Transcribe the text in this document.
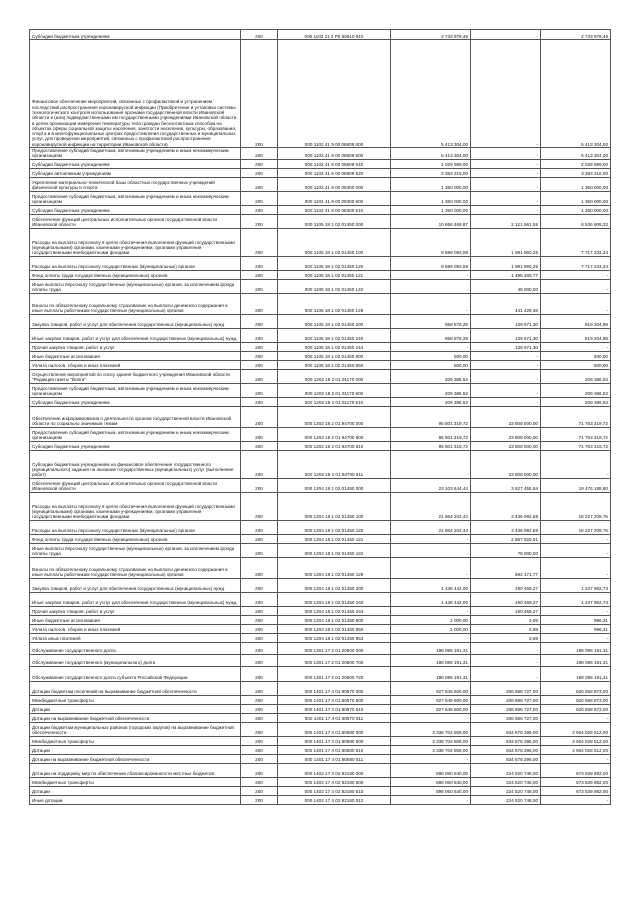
Субсидии бюджетным учреждениям	200	000 1103 21 2 P5 50810 610	2 733 978,49	-	2 733 978,49
Финансовое обеспечение мероприятий, связанных с профилактикой и устранением последствий распространения коронавирусной инфекции (Приобретение и установка системы технологического контроля использования органами государственной власти Ивановской области и (или) подведомственными им государственными учреждениями Ивановской области в целях организации измерения температуры тела граждан бесконтактным способом на объектах сферы социальной защиты населения, занятости населения, культуры, образования, спорта и в многофункциональных центрах предоставления государственных и муниципальных услуг, для проведения мероприятий, связанных с профилактикой распространения коронавирусной инфекции на территории Ивановской области)	200	000 1102 41 9 00 08609 000	5 413 304,00	-	5 413 304,00
Предоставление субсидий бюджетным, автономным учреждениям и иным некоммерческим организациям	200	000 1102 41 9 00 08609 600	5 413 304,00	-	5 413 304,00
Субсидии бюджетным учреждениям	200	000 1102 41 9 00 08609 610	2 029 989,00	-	2 029 989,00
Субсидии автономным учреждениям	200	000 1102 41 9 00 08609 620	3 383 315,00	-	3 383 315,00
Укрепление материально-технической базы областных государственных учреждений физической культуры и спорта	200	000 1102 41 9 00 08300 000	1 350 000,00	-	1 350 000,00
Предоставление субсидий бюджетным, автономным учреждениям и иным некоммерческим организациям	200	000 1102 41 9 00 08300 600	1 350 000,00	-	1 350 000,00
Субсидии бюджетным учреждениям	200	000 1102 41 9 00 08300 610	1 350 000,00	-	1 350 000,00
Обеспечение функций центральных исполнительных органов государственной власти Ивановской области	200	000 1105 18 1 02 01450 000	10 658 469,87	2 121 561,55	8 536 908,32
Расходы на выплаты персоналу в целях обеспечения выполнения функций государственными (муниципальными) органами, казенными учреждениями, органами управления государственными внебюджетными фондами	200	000 1105 18 1 02 01450 100	9 699 093,59	1 981 860,25	7 717 233,34
Расходы на выплаты персоналу государственных (муниципальных) органов	200	000 1105 18 1 02 01450 120	9 699 093,59	1 981 860,25	7 717 233,34
Фонд оплаты труда государственных (муниципальных) органов	200	000 1105 18 1 02 01450 121	-	1 495 465,77	-
Иные выплаты персоналу государственных (муниципальных) органов, за исключением фонда оплаты труда	200	000 1105 18 1 02 01450 122	-	45 000,00	-
Взносы по обязательному социальному страхованию на выплаты денежного содержания и иные выплаты работникам государственных (муниципальных) органов	200	000 1105 18 1 02 01450 129	-	441 429,48	-
Закупка товаров, работ и услуг для обеспечения государственных (муниципальных) нужд	200	000 1105 18 1 02 01450 200	958 876,28	139 671,30	819 204,98
Иные закупки товаров, работ и услуг для обеспечения государственных (муниципальных) нужд	200	000 1105 18 1 02 01450 240	958 876,28	139 671,30	819 204,98
Прочая закупка товаров, работ и услуг	200	000 1105 18 1 02 01450 244	-	139 671,30	-
Иные бюджетные ассигнования	200	000 1105 18 1 02 01450 800	500,00	-	500,00
Уплата налогов, сборов и иных платежей	200	000 1105 18 1 02 01450 850	500,00	-	500,00
Осуществление мероприятий по сносу здания бюджетного учреждения Ивановской области "Редакция газеты "Волга"	200	000 1202 18 2 01 01170 000	209 386,53	-	209 386,53
Предоставление субсидий бюджетным, автономным учреждениям и иным некоммерческим организациям	200	000 1202 18 2 01 01170 600	209 386,53	-	209 386,53
Субсидии бюджетным учреждениям	200	000 1202 18 2 01 01170 610	209 386,53	-	209 386,53
Обеспечение информирования о деятельности органов государственной власти Ивановской области по социально значимым темам	200	000 1202 18 2 01 94700 000	95 501 319,72	23 808 000,00	71 763 319,72
Предоставление субсидий бюджетным, автономным учреждениям и иным некоммерческим организациям	200	000 1202 18 2 01 94700 600	95 501 319,72	23 808 000,00	71 763 319,72
Субсидии бюджетным учреждениям	200	000 1202 18 2 01 94700 610	95 501 319,72	23 808 000,00	71 763 319,72
Субсидии бюджетным учреждениям на финансовое обеспечение государственного (муниципального) задания на оказание государственных (муниципальных) услуг (выполнение работ)	200	000 1202 18 2 01 94700 611	-	23 808 000,00	-
Обеспечение функций центральных исполнительных органов государственной власти Ивановской области	200	000 1204 18 1 02 01450 000	23 103 644,44	3 627 455,64	19 476 188,80
Расходы на выплаты персоналу в целях обеспечения выполнения функций государственными (муниципальными) органами, казенными учреждениями, органами управления государственными внебюджетными фондами	200	000 1204 18 1 02 01450 100	21 664 202,44	3 436 992,68	18 227 209,76
Расходы на выплаты персоналу государственных (муниципальных) органов	200	000 1204 18 1 02 01450 120	21 664 202,44	3 436 992,68	18 227 209,76
Фонд оплаты труда государственных (муниципальных) органов	200	000 1204 18 1 02 01450 121	-	2 667 820,91	-
Иные выплаты персоналу государственных (муниципальных) органов, за исключением фонда оплаты труда	200	000 1204 18 1 02 01450 122	-	75 000,00	-
Взносы по обязательному социальному страхованию на выплаты денежного содержания и иные выплаты работникам государственных (муниципальных) органов	200	000 1204 18 1 02 01450 129	-	694 171,77	-
Закупка товаров, работ и услуг для обеспечения государственных (муниципальных) нужд	200	000 1204 18 1 02 01450 200	1 438 442,00	190 459,27	1 247 982,73
Иные закупки товаров, работ и услуг для обеспечения государственных (муниципальных) нужд	200	000 1204 18 1 02 01450 240	1 438 442,00	190 459,27	1 247 982,73
Прочая закупка товаров, работ и услуг	200	000 1204 18 1 02 01450 244	-	190 459,27	-
Иные бюджетные ассигнования	200	000 1204 18 1 02 01450 800	1 000,00	3,69	996,31
Уплата налогов, сборов и иных платежей	200	000 1204 18 1 02 01450 850	1 000,00	3,69	996,31
Уплата иных платежей	200	000 1204 18 1 02 01450 853	-	3,69	-
Обслуживание государственного долга	200	000 1301 17 2 01 20600 000	198 085 191,31	-	198 085 191,31
Обслуживание государственного (муниципального) долга	200	000 1301 17 2 01 20600 700	198 085 191,31	-	198 085 191,31
Обслуживание государственного долга субъекта Российской Федерации	200	000 1301 17 2 01 20600 720	198 085 191,31	-	198 085 191,31
Дотации бюджетам поселений на выравнивание бюджетной обеспеченности	200	000 1401 17 4 01 80570 000	827 545 600,00	206 886 727,00	620 658 873,00
Межбюджетные трансферты	200	000 1401 17 4 01 80570 500	827 545 600,00	206 886 727,00	620 658 873,00
Дотации	200	000 1401 17 4 01 80570 510	827 545 600,00	206 886 727,00	620 658 873,00
Дотации на выравнивание бюджетной обеспеченности	200	000 1401 17 4 01 80570 511	-	206 886 727,00	-
Дотации бюджетам муниципальных районов (городских округов) на выравнивание бюджетной обеспеченности	200	000 1401 17 4 01 80580 000	3 338 704 808,00	834 676 296,00	2 504 028 512,00
Межбюджетные трансферты	200	000 1401 17 4 01 80580 500	3 338 704 808,00	834 676 296,00	2 504 028 512,00
Дотации	200	000 1401 17 4 01 80580 510	3 338 704 808,00	834 676 296,00	2 504 028 512,00
Дотации на выравнивание бюджетной обеспеченности	200	000 1401 17 4 01 80580 511	-	834 676 296,00	-
Дотации на поддержку мер по обеспечению сбалансированности местных бюджетов	200	000 1402 17 4 02 82180 000	898 060 640,00	224 520 748,00	673 539 892,00
Межбюджетные трансферты	200	000 1402 17 4 02 82180 500	898 060 640,00	224 520 748,00	673 539 892,00
Дотации	200	000 1402 17 4 02 82180 510	898 060 640,00	224 520 748,00	673 539 892,00
Иные дотации	200	000 1402 17 4 02 82180 512	-	224 520 748,00	-
